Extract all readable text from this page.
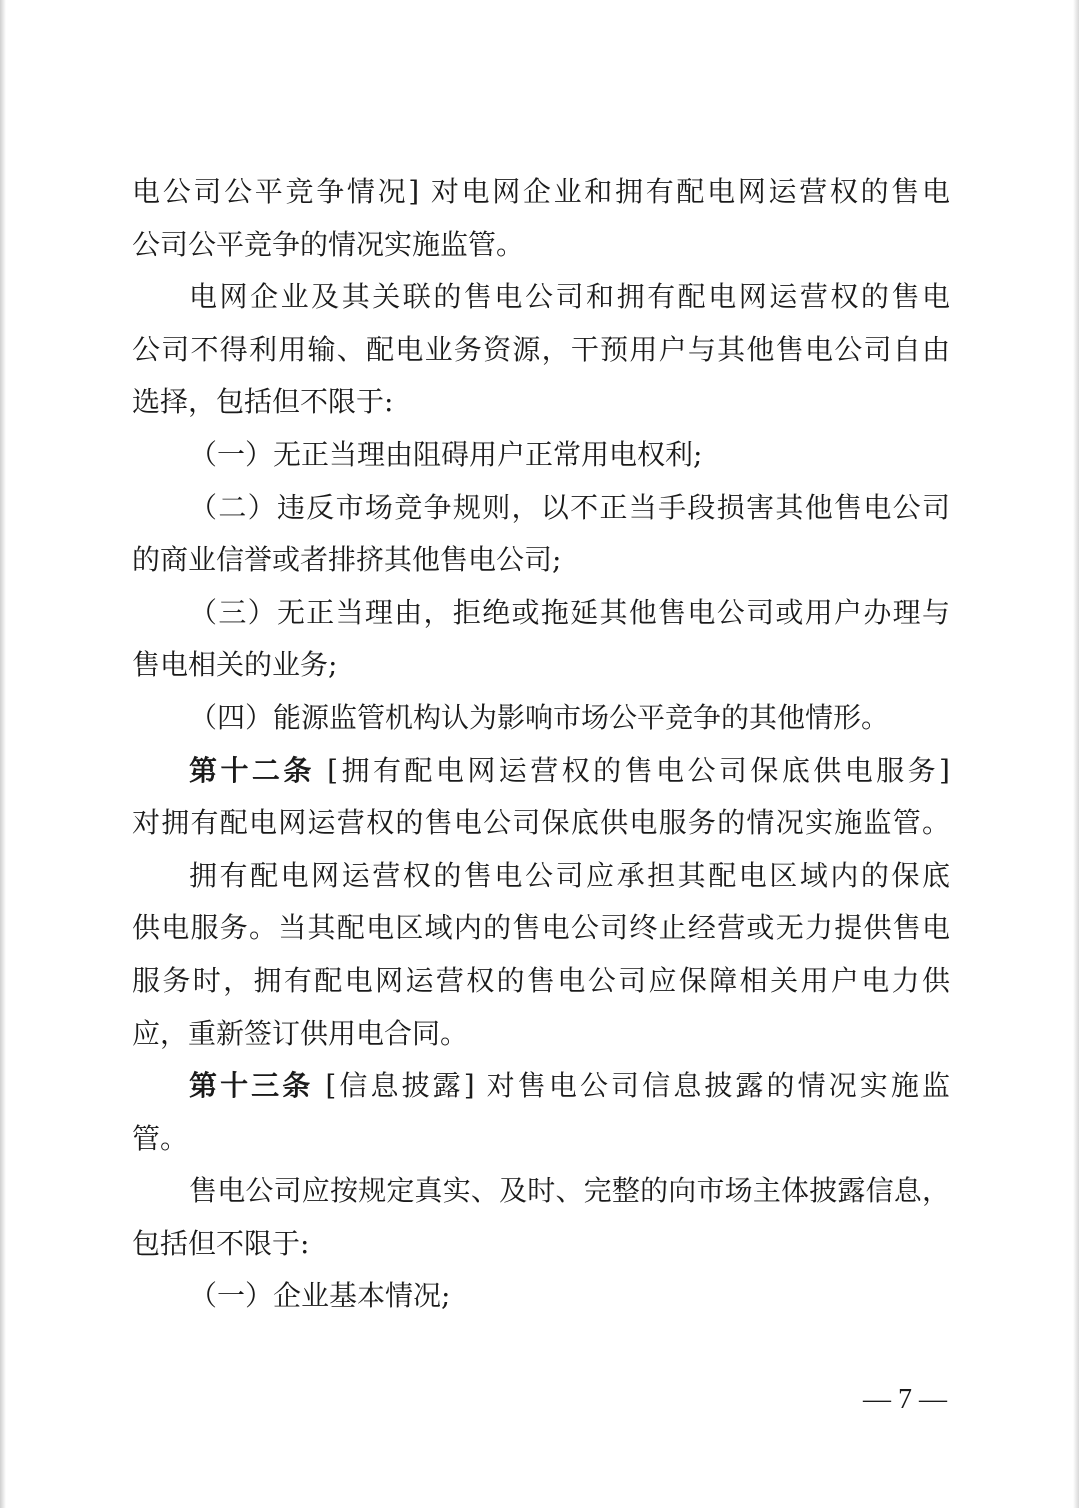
电公司公平竞争情况] 对电网企业和拥有配电网运营权的售电
公司公平竞争的情况实施监管。
电网企业及其关联的售电公司和拥有配电网运营权的售电
公司不得利用输、配电业务资源，干预用户与其他售电公司自由
选择，包括但不限于:
（一）无正当理由阻碍用户正常用电权利;
（二）违反市场竞争规则，以不正当手段损害其他售电公司
的商业信誉或者排挤其他售电公司;
（三）无正当理由，拒绝或拖延其他售电公司或用户办理与
售电相关的业务;
（四）能源监管机构认为影响市场公平竞争的其他情形。
第十二条 [拥有配电网运营权的售电公司保底供电服务]
对拥有配电网运营权的售电公司保底供电服务的情况实施监管。
拥有配电网运营权的售电公司应承担其配电区域内的保底
供电服务。当其配电区域内的售电公司终止经营或无力提供售电
服务时，拥有配电网运营权的售电公司应保障相关用户电力供
应，重新签订供用电合同。
第十三条 [信息披露] 对售电公司信息披露的情况实施监
管。
售电公司应按规定真实、及时、完整的向市场主体披露信息，
包括但不限于:
（一）企业基本情况;
— 7 —
